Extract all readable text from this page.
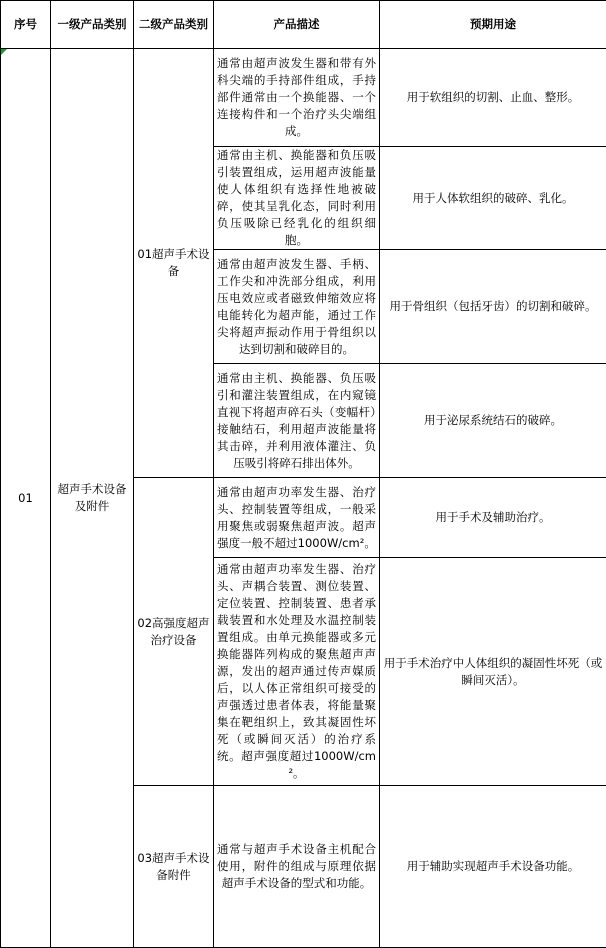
序号	一级产品类别	二级产品类别	产品描述	预期用途
01	超声手术设备及附件	01超声手术设备	通常由超声波发生器和带有外科尖端的手持部件组成，手持部件通常由一个换能器、一个连接构件和一个治疗头尖端组成。	用于软组织的切割、止血、整形。
			通常由主机、换能器和负压吸引装置组成，运用超声波能量使人体组织有选择性地被破碎，使其呈乳化态，同时利用负压吸除已经乳化的组织细胞。	用于人体软组织的破碎、乳化。
			通常由超声波发生器、手柄、工作尖和冲洗部分组成，利用压电效应或者磁致伸缩效应将电能转化为超声能，通过工作尖将超声振动作用于骨组织以达到切割和破碎目的。	用于骨组织（包括牙齿）的切割和破碎。
			通常由主机、换能器、负压吸引和灌注装置组成，在内窥镜直视下将超声碎石头（变幅杆）接触结石，利用超声波能量将其击碎，并利用液体灌注、负压吸引将碎石排出体外。	用于泌尿系统结石的破碎。
		02高强度超声治疗设备	通常由超声功率发生器、治疗头、控制装置等组成，一般采用聚焦或弱聚焦超声波。超声强度一般不超过1000W/cm²。	用于手术及辅助治疗。
			通常由超声功率发生器、治疗头、声耦合装置、测位装置、定位装置、控制装置、患者承载装置和水处理及水温控制装置组成。由单元换能器或多元换能器阵列构成的聚焦超声声源，发出的超声通过传声媒质后，以人体正常组织可接受的声强透过患者体表，将能量聚集在靶组织上，致其凝固性坏死（或瞬间灭活）的治疗系统。超声强度超过1000W/cm²。	用于手术治疗中人体组织的凝固性坏死（或瞬间灭活）。
		03超声手术设备附件	通常与超声手术设备主机配合使用，附件的组成与原理依据超声手术设备的型式和功能。	用于辅助实现超声手术设备功能。
